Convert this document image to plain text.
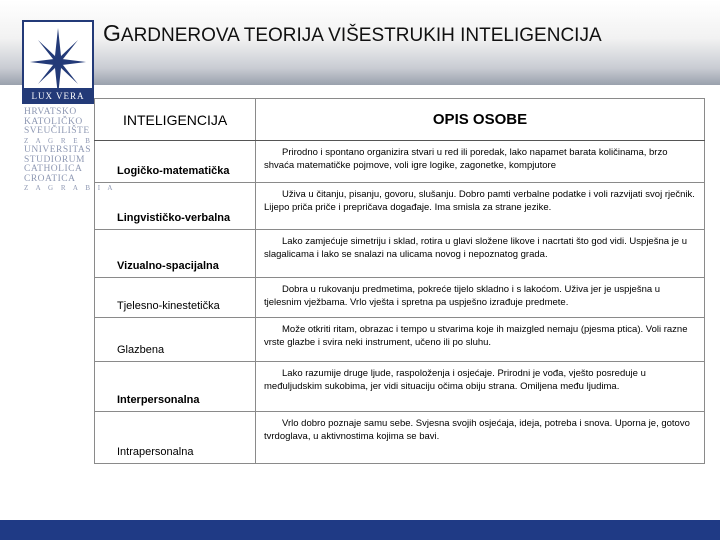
LUX VERA
HRVATSKO
KATOLIČKO
SVEUČILIŠTE
Z A G R E B
UNIVERSITAS
STUDIORUM
CATHOLICA
CROATICA
Z A G R A B I A
GARDNEROVA TEORIJA VIŠESTRUKIH INTELIGENCIJA
INTELIGENCIJA	OPIS OSOBE
Logičko-matematička	Prirodno i spontano organizira stvari u red ili poredak, lako napamet barata količinama, brzo shvaća matematičke pojmove, voli igre logike, zagonetke, kompjutore
Lingvističko-verbalna	Uživa u čitanju, pisanju, govoru, slušanju. Dobro pamti verbalne podatke i voli razvijati svoj rječnik. Lijepo priča priče i prepričava događaje. Ima smisla za strane jezike.
Vizualno-spacijalna	Lako zamjećuje simetriju i sklad, rotira u glavi složene likove i nacrtati što god vidi. Uspješna je u slagalicama i lako se snalazi na ulicama novog i nepoznatog grada.
Tjelesno-kinestetička	Dobra u rukovanju predmetima, pokreće tijelo skladno i s lakoćom. Uživa jer je uspješna u tjelesnim vježbama. Vrlo vješta i spretna pa uspješno izrađuje predmete.
Glazbena	Može otkriti ritam, obrazac i tempo u stvarima koje ih maizgled nemaju (pjesma ptica). Voli razne vrste glazbe i svira neki instrument, učeno ili po sluhu.
Interpersonalna	Lako razumije druge ljude, raspoloženja i osjećaje. Prirodni je vođa, vješto posreduje u međuljudskim sukobima, jer vidi situaciju očima obiju strana. Omiljena među ljudima.
Intrapersonalna	Vrlo dobro poznaje samu sebe. Svjesna svojih osjećaja, ideja, potreba i snova. Uporna je, gotovo tvrdoglava, u aktivnostima kojima se bavi.
